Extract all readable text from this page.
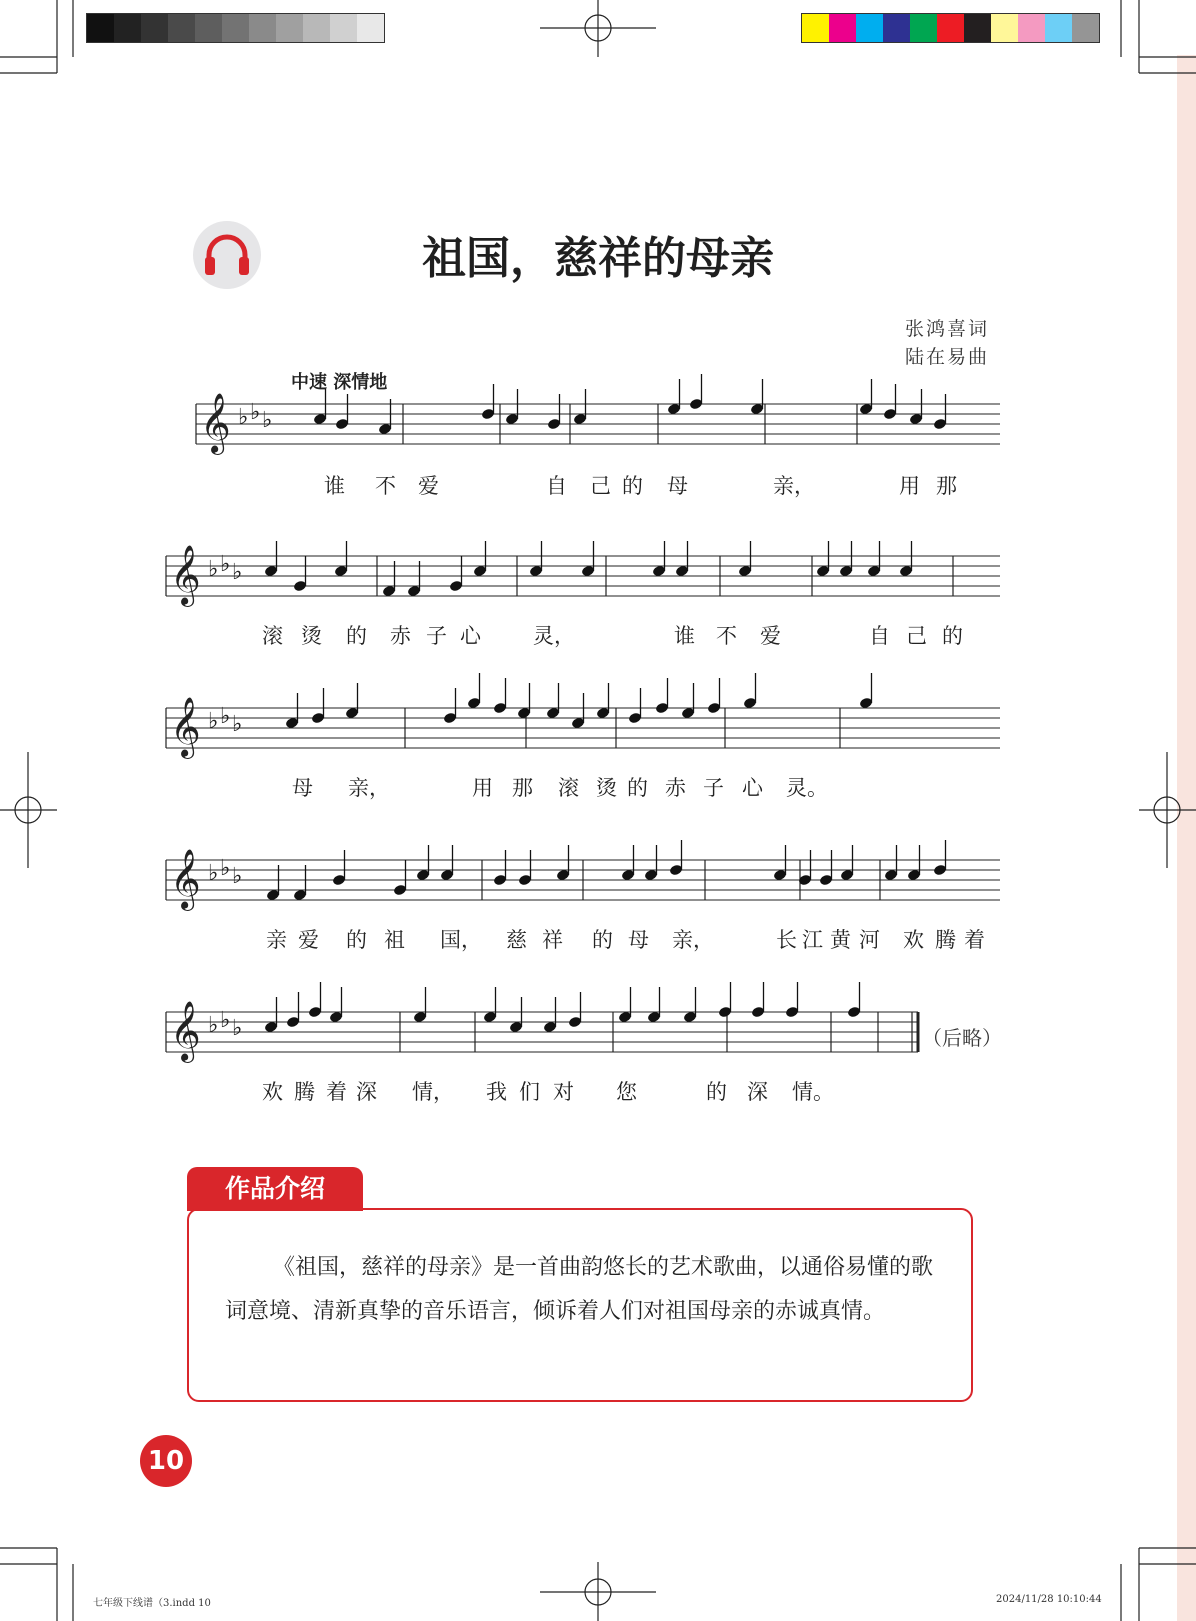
祖国，慈祥的母亲
张鸿喜词
陆在易曲
中速 深情地
𝄞 ♭ ♭ ♭
𝄞 ♭ ♭ ♭
𝄞 ♭ ♭ ♭
𝄞 ♭ ♭ ♭
𝄞 ♭ ♭ ♭
谁 不 爱	自 己 的 母	亲，	用 那
滚 烫 的 赤 子 心 灵，	谁 不 爱	自 己 的
母 亲，	用 那 滚 烫 的 赤 子 心 灵。
亲 爱 的 祖 国， 慈 祥 的 母 亲，	长 江 黄 河 欢 腾 着
欢 腾 着 深 情， 我 们 对 您	的 深 情。
（后略）
作品介绍

《祖国，慈祥的母亲》是一首曲韵悠长的艺术歌曲，以通俗易懂的歌词意境、清新真挚的音乐语言，倾诉着人们对祖国母亲的赤诚真情。

10
七年级下线谱（3.indd 10	2024/11/28 10:10:44
